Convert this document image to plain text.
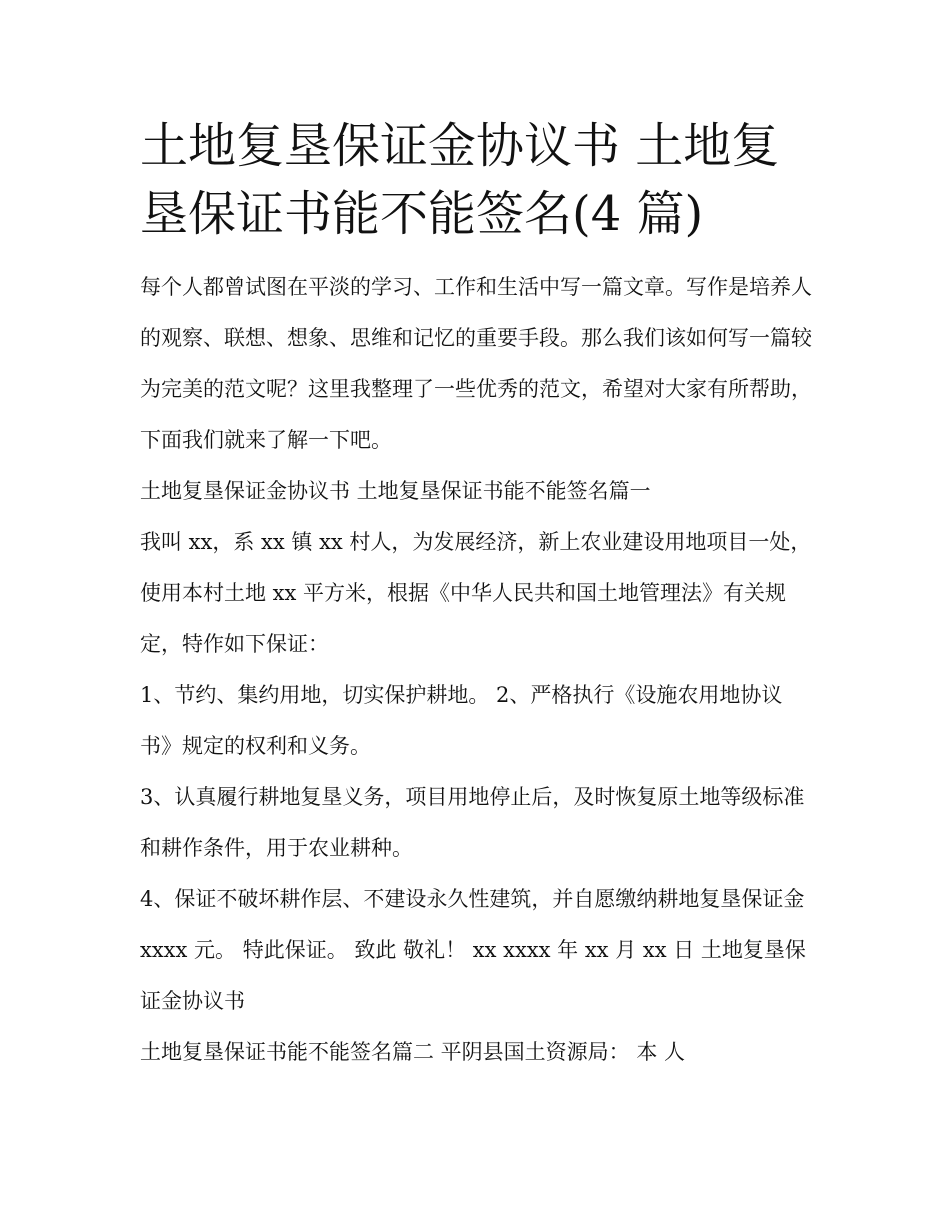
土地复垦保证金协议书 土地复垦保证书能不能签名(4 篇)

每个人都曾试图在平淡的学习、工作和生活中写一篇文章。写作是培养人的观察、联想、想象、思维和记忆的重要手段。那么我们该如何写一篇较为完美的范文呢？这里我整理了一些优秀的范文，希望对大家有所帮助，下面我们就来了解一下吧。

土地复垦保证金协议书 土地复垦保证书能不能签名篇一

我叫 xx，系 xx 镇 xx 村人，为发展经济，新上农业建设用地项目一处，使用本村土地 xx 平方米，根据《中华人民共和国土地管理法》有关规定，特作如下保证：

1、节约、集约用地，切实保护耕地。 2、严格执行《设施农用地协议书》规定的权利和义务。

3、认真履行耕地复垦义务，项目用地停止后，及时恢复原土地等级标准和耕作条件，用于农业耕种。

4、保证不破坏耕作层、不建设永久性建筑，并自愿缴纳耕地复垦保证金 xxxx 元。 特此保证。 致此 敬礼！ xx xxxx 年 xx 月 xx 日 土地复垦保证金协议书

土地复垦保证书能不能签名篇二 平阴县国土资源局： 本 人
